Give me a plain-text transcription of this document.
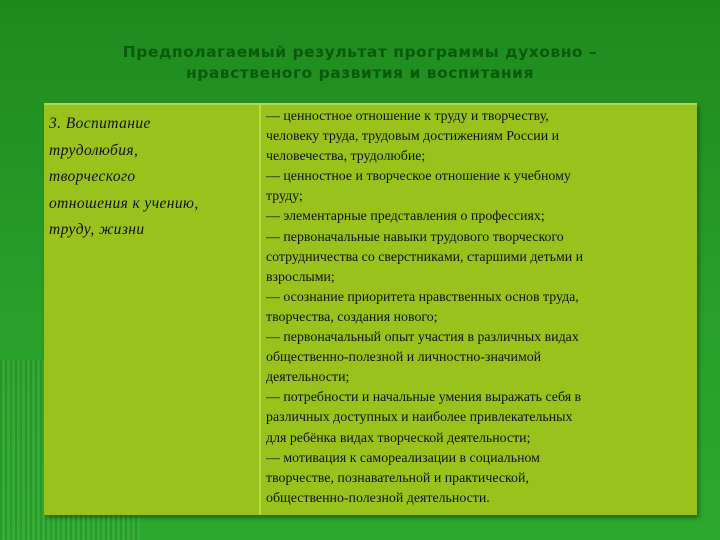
Предполагаемый результат программы духовно –
нравственого развития и воспитания
3. Воспитание
трудолюбия,
творческого
отношения к учению,
труду, жизни
— ценностное отношение к труду и творчеству,
человеку труда, трудовым достижениям России и
человечества, трудолюбие;
— ценностное и творческое отношение к учебному
труду;
— элементарные представления о профессиях;
— первоначальные навыки трудового творческого
сотрудничества со сверстниками, старшими детьми и
взрослыми;
— осознание приоритета нравственных основ труда,
творчества, создания нового;
— первоначальный опыт участия в различных видах
общественно-полезной и личностно-значимой
деятельности;
— потребности и начальные умения выражать себя в
различных доступных и наиболее привлекательных
для ребёнка видах творческой деятельности;
— мотивация к самореализации в социальном
творчестве, познавательной и практической,
общественно-полезной деятельности.
